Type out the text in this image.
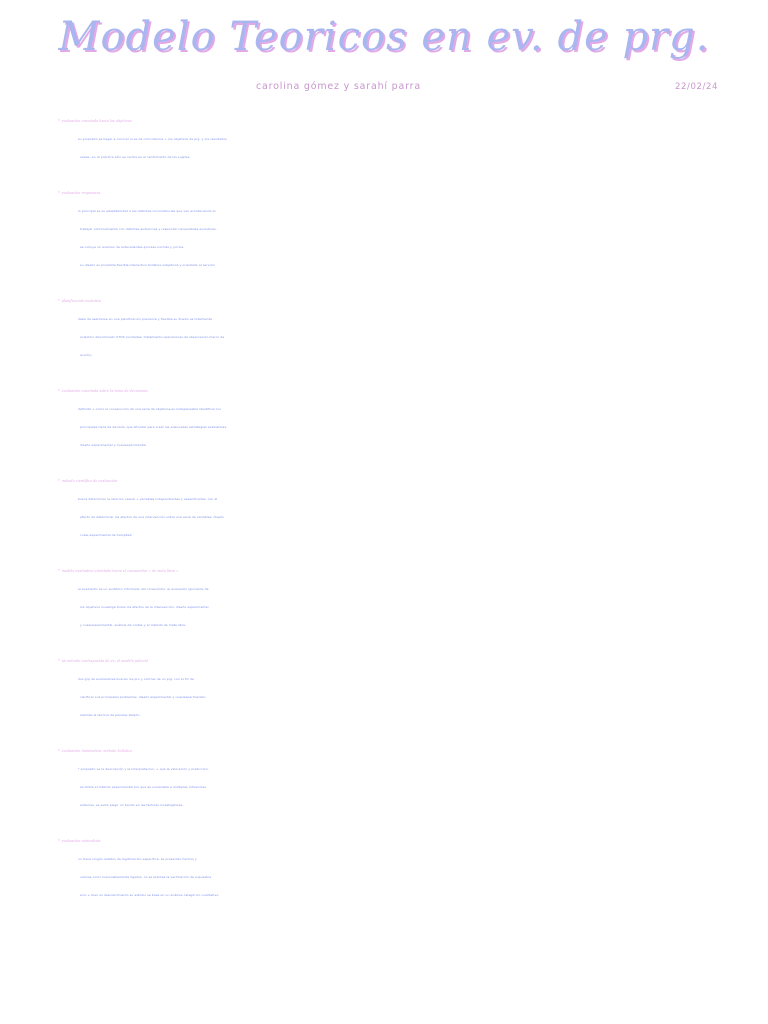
Modelo Teoricos en ev. de prg.
carolina gómez y sarahí parra	22/02/24
* evaluación orientada hacia los objetivos
su propósito es llegar a conocer si se da coincidencia ÷ los objetivos de prg. y los resultados
reales. en la práctica sólo se centra en el rendimiento de los sujetos.
* evaluación responsiva
lo principal es su adaptabilidad a las distintas circunstancias que van aconteciendo al
trabajar continuamente con distintas audiencias y responder necesidades evolutivas.
se incluye un examen de antecedentes,proceso,normas y juicios.
su diseño es pluralista,flexible,interactivo,holístico,subjetivos y orientado al servicio
* planificación evolutiva
debe de asentarse en una planificación previsora y flexible.su diseño es totalmente
ecléctico denominado UTOS (unidades, tratamiento,operaciones de observación,marco de
acción).
* evaluación orientada sobre la toma de decisiones
definida + como la consecución de una serie de objetivos,es indispensable identificar los
principales tipos de decisión que afrontar para crear las adecuadas estrategias evaluativas.
diseño experimental y cuasiexperimental
* método científico de evaluación
busca determinar la relación casual ÷ variables independientes y especificadas, con el
efecto de determinar los efectos de una intervención sobre una serie de variables. diseño
cuasi-experimental de Campbell.
* modelo evaluativo orientado hacia el consumidor « de meta libre »
el evaluador es un sustituto informado del consumidor. el evaluador ignorante de
los objetivos investiga todos los efectos de la intervención. diseño experimental
y cuasiexperimental, análisis de costes y el método de meta libre.
* un método contrapuesto de ev; el modelo judicial
dos grp de evaluadores buscan los pro y contras de un prg. con el fin de
clarificar sus principales problemas. diseño experimental y cuasiexperimental,
además la técnica de paneles Delphi..
* evaluación iluminativa; método holístico
* propósito es la descripción y la interpretación, + que la valoración y predicción.
se limita el método experimental por que es vulnerable a múltiples influencias
externas. se evita elegir un bando en las tácticas investigativas.
* evaluación naturalista
no tiene ningún estatus de legitimación específica. se presentan hechos y
valores como inexorablemente ligados. no se plantea la verificación de supuestos
sino + bien su descubrimiento su estudio se basa en un análisis categórico cualitativo.
